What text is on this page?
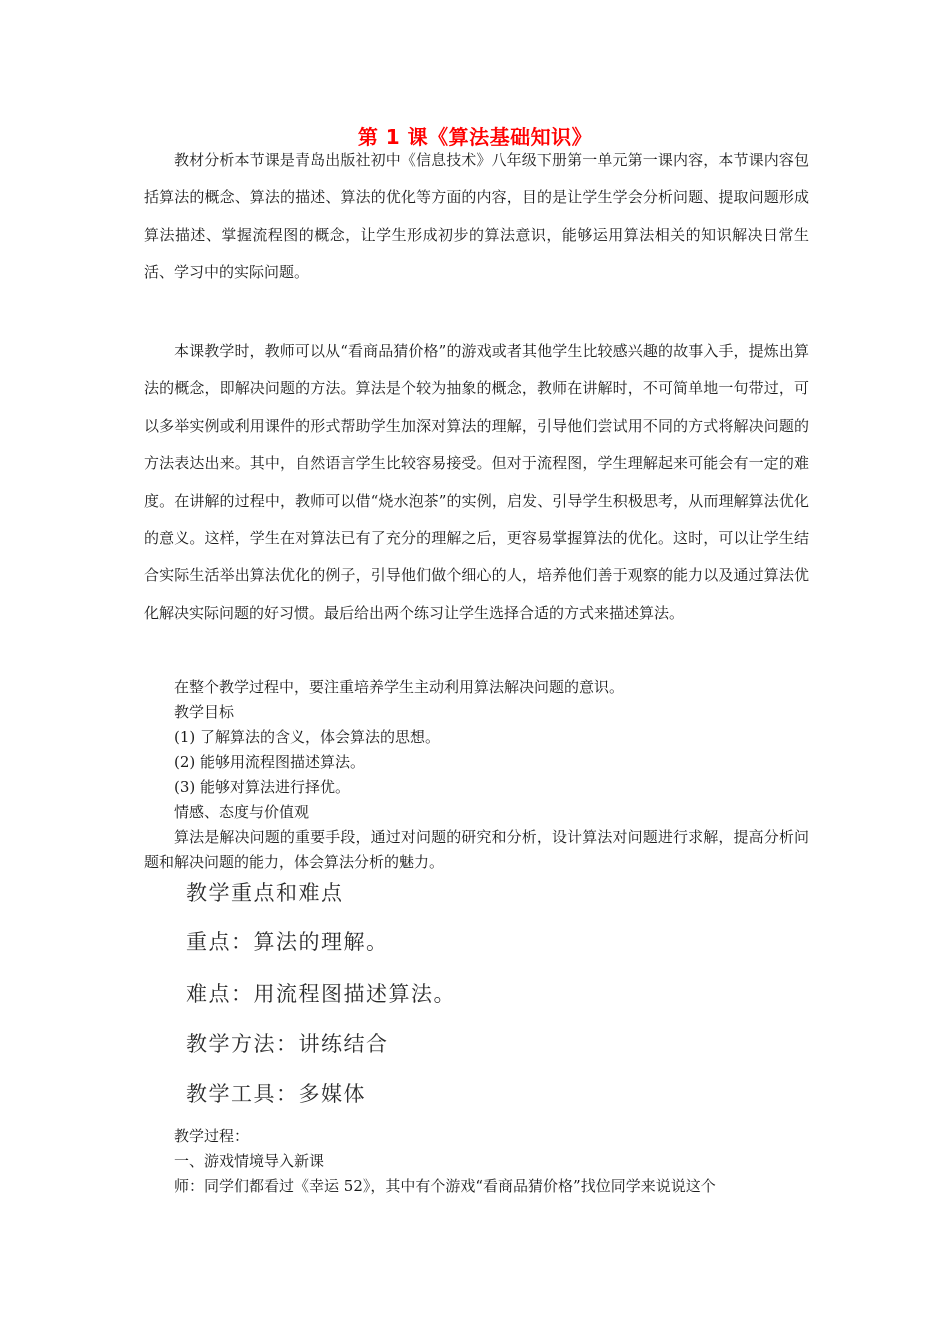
第 1 课《算法基础知识》

教材分析本节课是青岛出版社初中《信息技术》八年级下册第一单元第一课内容，本节课内容包括算法的概念、算法的描述、算法的优化等方面的内容，目的是让学生学会分析问题、提取问题形成算法描述、掌握流程图的概念，让学生形成初步的算法意识，能够运用算法相关的知识解决日常生活、学习中的实际问题。

本课教学时，教师可以从“看商品猜价格”的游戏或者其他学生比较感兴趣的故事入手，提炼出算法的概念，即解决问题的方法。算法是个较为抽象的概念，教师在讲解时，不可简单地一句带过，可以多举实例或利用课件的形式帮助学生加深对算法的理解，引导他们尝试用不同的方式将解决问题的方法表达出来。其中，自然语言学生比较容易接受。但对于流程图，学生理解起来可能会有一定的难度。在讲解的过程中，教师可以借“烧水泡茶”的实例，启发、引导学生积极思考，从而理解算法优化的意义。这样，学生在对算法已有了充分的理解之后，更容易掌握算法的优化。这时，可以让学生结合实际生活举出算法优化的例子，引导他们做个细心的人，培养他们善于观察的能力以及通过算法优化解决实际问题的好习惯。最后给出两个练习让学生选择合适的方式来描述算法。

在整个教学过程中，要注重培养学生主动利用算法解决问题的意识。
教学目标
(1) 了解算法的含义，体会算法的思想。
(2) 能够用流程图描述算法。
(3) 能够对算法进行择优。
情感、态度与价值观
算法是解决问题的重要手段，通过对问题的研究和分析，设计算法对问题进行求解，提高分析问题和解决问题的能力，体会算法分析的魅力。
教学重点和难点
重点：算法的理解。
难点：用流程图描述算法。
教学方法：讲练结合
教学工具：多媒体
教学过程：
一、游戏情境导入新课
师：同学们都看过《幸运 52》，其中有个游戏“看商品猜价格”找位同学来说说这个
